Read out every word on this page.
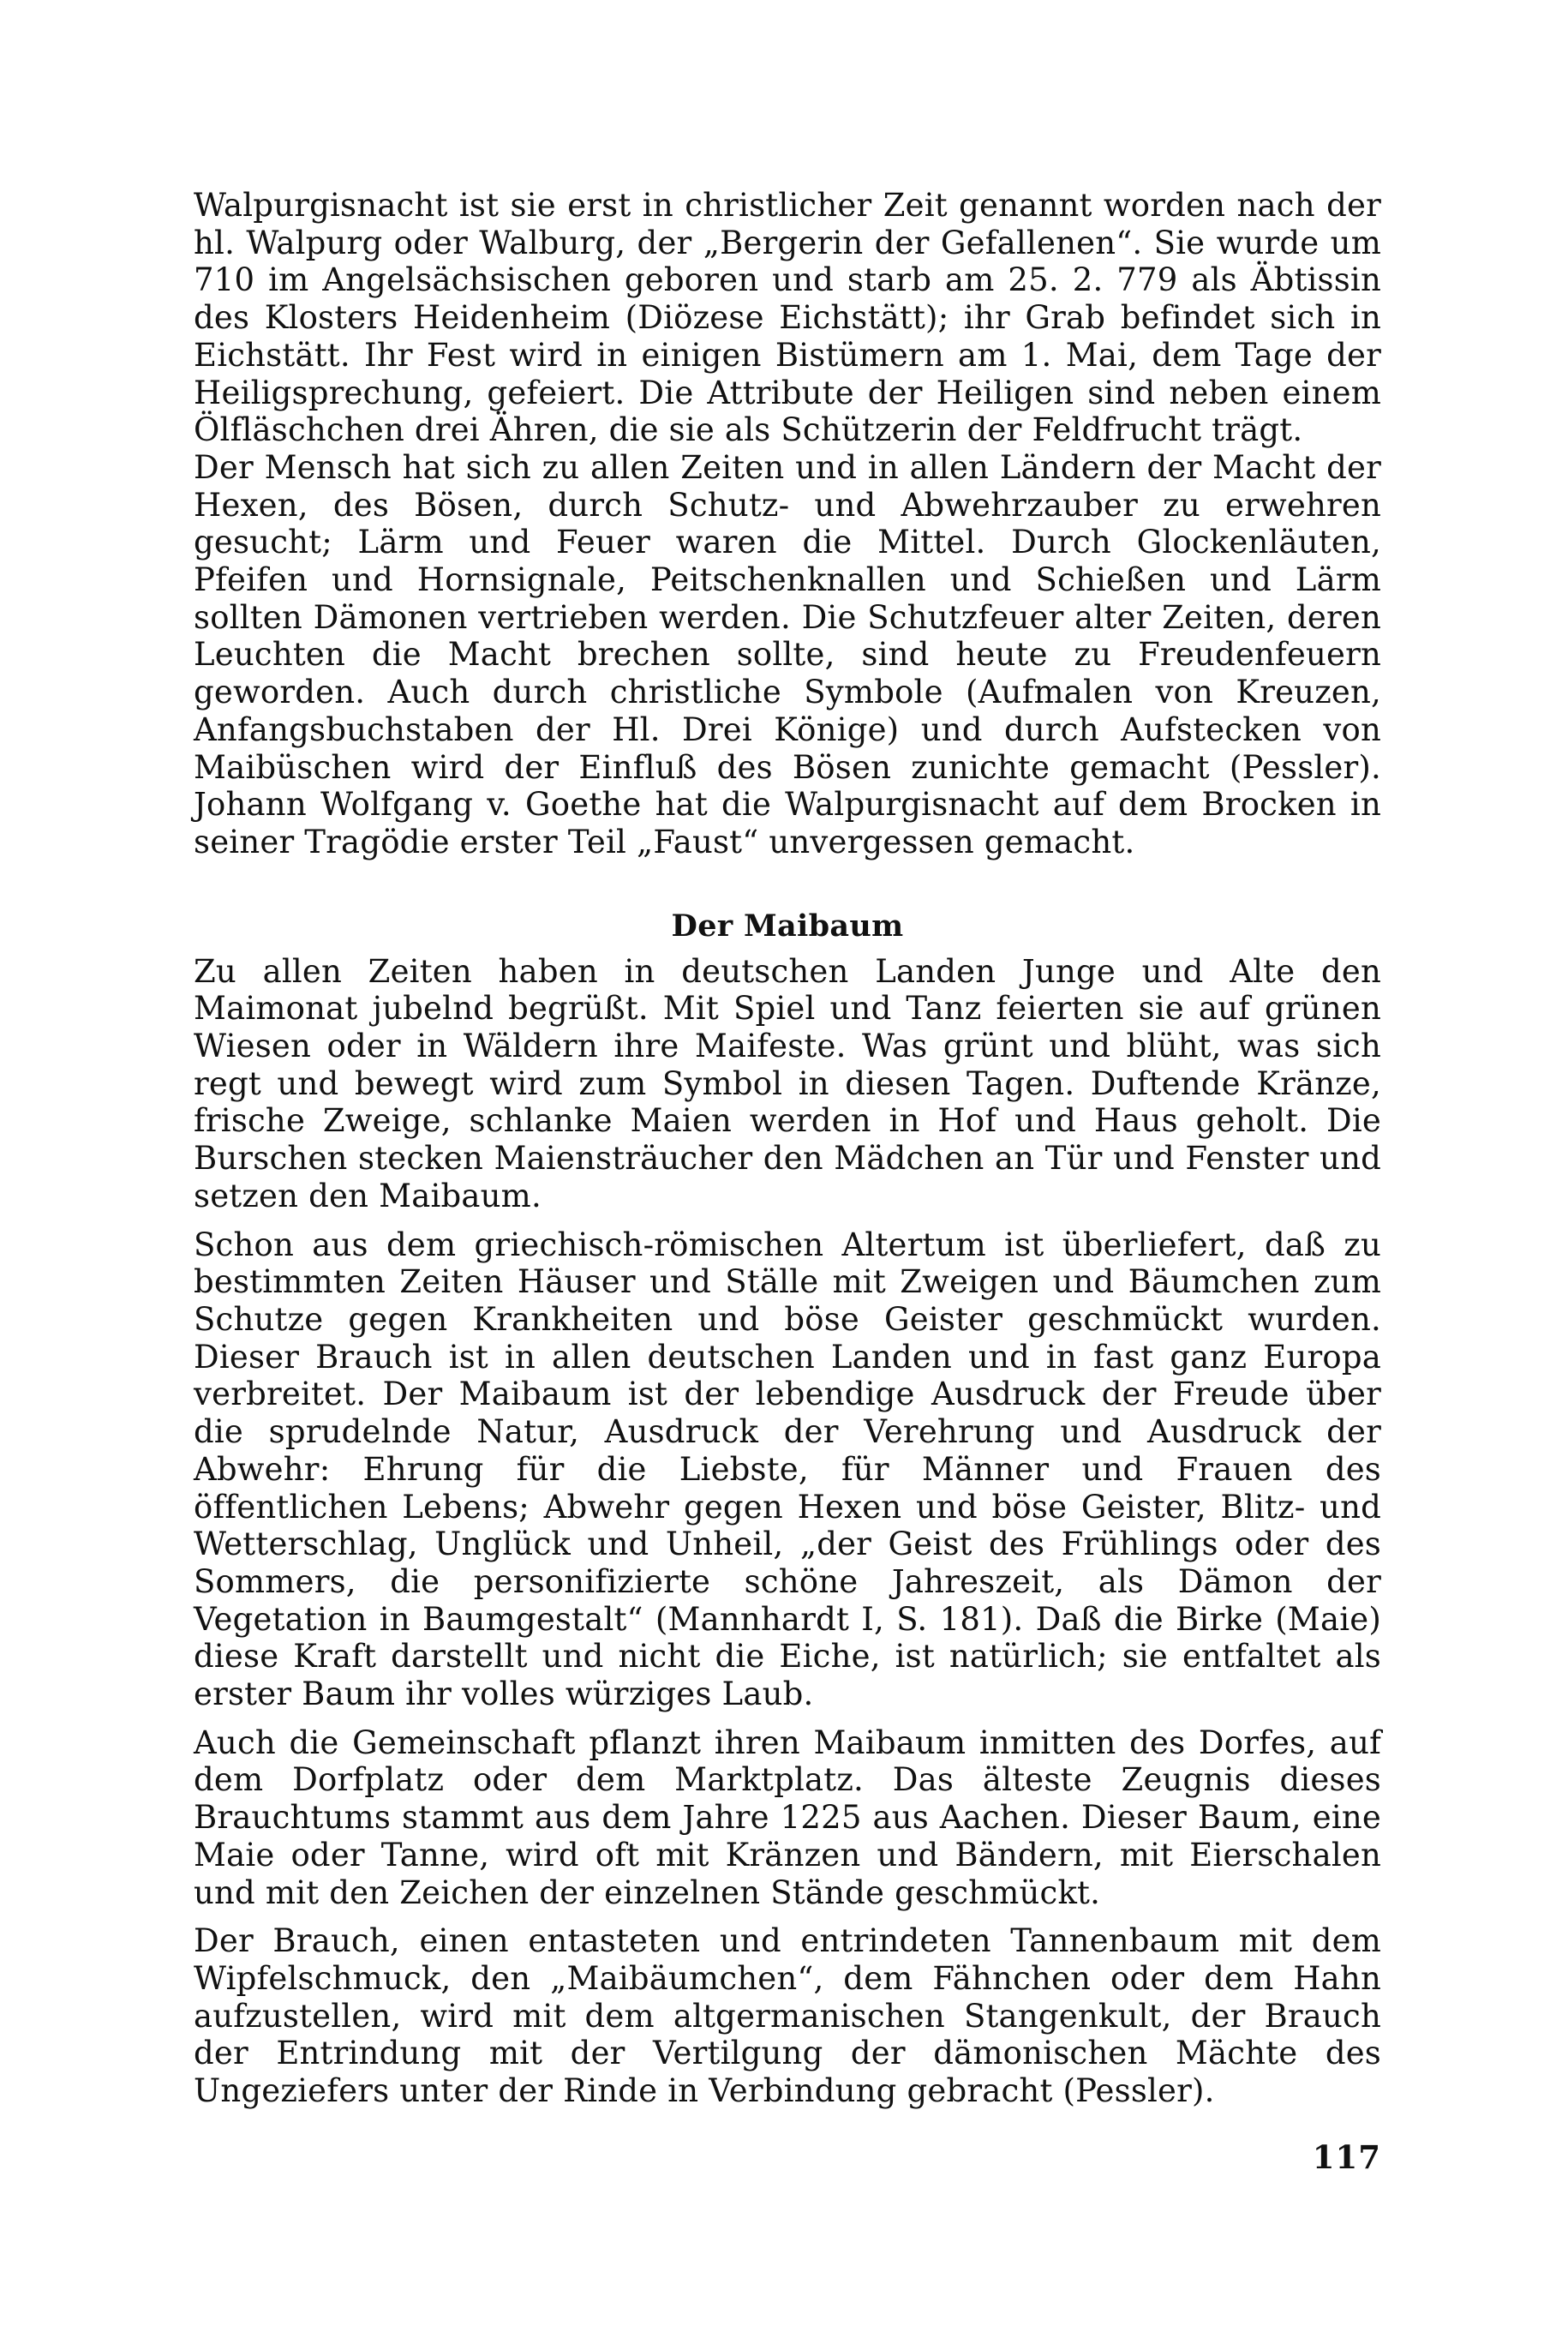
Walpurgisnacht ist sie erst in christlicher Zeit genannt worden nach der hl. Walpurg oder Walburg, der „Bergerin der Gefallenen“. Sie wurde um 710 im Angelsächsischen geboren und starb am 25. 2. 779 als Äbtissin des Klosters Heidenheim (Diözese Eichstätt); ihr Grab befindet sich in Eichstätt. Ihr Fest wird in einigen Bistümern am 1. Mai, dem Tage der Heiligsprechung, gefeiert. Die Attribute der Heiligen sind neben einem Ölfläschchen drei Ähren, die sie als Schützerin der Feldfrucht trägt.

Der Mensch hat sich zu allen Zeiten und in allen Ländern der Macht der Hexen, des Bösen, durch Schutz- und Abwehrzauber zu erwehren gesucht; Lärm und Feuer waren die Mittel. Durch Glockenläuten, Pfeifen und Hornsignale, Peitschenknallen und Schießen und Lärm sollten Dämonen vertrieben werden. Die Schutzfeuer alter Zeiten, deren Leuchten die Macht brechen sollte, sind heute zu Freudenfeuern geworden. Auch durch christliche Symbole (Aufmalen von Kreuzen, Anfangsbuchstaben der Hl. Drei Könige) und durch Aufstecken von Maibüschen wird der Einfluß des Bösen zunichte gemacht (Pessler). Johann Wolfgang v. Goethe hat die Walpurgisnacht auf dem Brocken in seiner Tragödie erster Teil „Faust“ unvergessen gemacht.

Der Maibaum

Zu allen Zeiten haben in deutschen Landen Junge und Alte den Maimonat jubelnd begrüßt. Mit Spiel und Tanz feierten sie auf grünen Wiesen oder in Wäldern ihre Maifeste. Was grünt und blüht, was sich regt und bewegt wird zum Symbol in diesen Tagen. Duftende Kränze, frische Zweige, schlanke Maien werden in Hof und Haus geholt. Die Burschen stecken Maiensträucher den Mädchen an Tür und Fenster und setzen den Maibaum.

Schon aus dem griechisch-römischen Altertum ist überliefert, daß zu bestimmten Zeiten Häuser und Ställe mit Zweigen und Bäumchen zum Schutze gegen Krankheiten und böse Geister geschmückt wurden. Dieser Brauch ist in allen deutschen Landen und in fast ganz Europa verbreitet. Der Maibaum ist der lebendige Ausdruck der Freude über die sprudelnde Natur, Ausdruck der Verehrung und Ausdruck der Abwehr: Ehrung für die Liebste, für Männer und Frauen des öffentlichen Lebens; Abwehr gegen Hexen und böse Geister, Blitz- und Wetterschlag, Unglück und Unheil, „der Geist des Frühlings oder des Sommers, die personifizierte schöne Jahreszeit, als Dämon der Vegetation in Baumgestalt“ (Mannhardt I, S. 181). Daß die Birke (Maie) diese Kraft darstellt und nicht die Eiche, ist natürlich; sie entfaltet als erster Baum ihr volles würziges Laub.

Auch die Gemeinschaft pflanzt ihren Maibaum inmitten des Dorfes, auf dem Dorfplatz oder dem Marktplatz. Das älteste Zeugnis dieses Brauchtums stammt aus dem Jahre 1225 aus Aachen. Dieser Baum, eine Maie oder Tanne, wird oft mit Kränzen und Bändern, mit Eierschalen und mit den Zeichen der einzelnen Stände geschmückt.

Der Brauch, einen entasteten und entrindeten Tannenbaum mit dem Wipfelschmuck, den „Maibäumchen“, dem Fähnchen oder dem Hahn aufzustellen, wird mit dem altgermanischen Stangenkult, der Brauch der Entrindung mit der Vertilgung der dämonischen Mächte des Ungeziefers unter der Rinde in Verbindung gebracht (Pessler).

117
